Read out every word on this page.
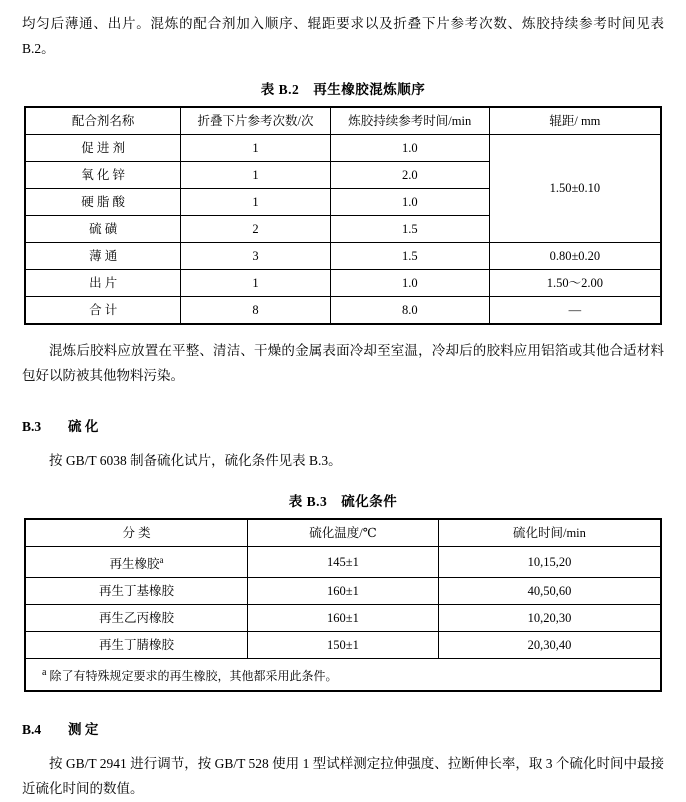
均匀后薄通、出片。混炼的配合剂加入顺序、辊距要求以及折叠下片参考次数、炼胶持续参考时间见表 B.2。

表 B.2 再生橡胶混炼顺序
配合剂名称	折叠下片参考次数/次	炼胶持续参考时间/min	辊距/ mm
促 进 剂	1	1.0	1.50±0.10
氧 化 锌	1	2.0	
硬 脂 酸	1	1.0	
硫 磺	2	1.5	
薄 通	3	1.5	0.80±0.20
出 片	1	1.0	1.50～2.00
合 计	8	8.0	—

混炼后胶料应放置在平整、清洁、干燥的金属表面冷却至室温，冷却后的胶料应用铝箔或其他合适材料包好以防被其他物料污染。

B.3 硫 化

按 GB/T 6038 制备硫化试片，硫化条件见表 B.3。

表 B.3 硫化条件
分 类	硫化温度/℃	硫化时间/min
再生橡胶$^a$	145±1	10,15,20
再生丁基橡胶	160±1	40,50,60
再生乙丙橡胶	160±1	10,20,30
再生丁腈橡胶	150±1	20,30,40
$^a$ 除了有特殊规定要求的再生橡胶，其他都采用此条件。		
B.4 测 定

按 GB/T 2941 进行调节，按 GB/T 528 使用 1 型试样测定拉伸强度、拉断伸长率，取 3 个硫化时间中最接近硫化时间的数值。
